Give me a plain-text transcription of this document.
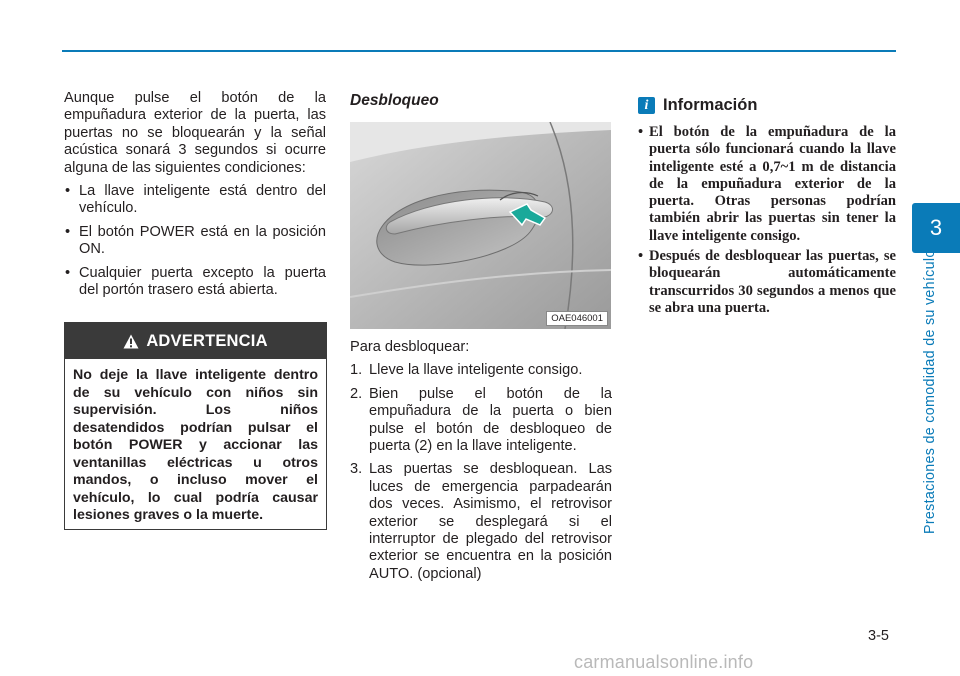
Aunque pulse el botón de la empuñadura exterior de la puerta, las puertas no se bloquearán y la señal acústica sonará 3 segundos si ocurre alguna de las siguientes condiciones:

• La llave inteligente está dentro del vehículo.
• El botón POWER está en la posición ON.
• Cualquier puerta excepto la puerta del portón trasero está abierta.
ADVERTENCIA

No deje la llave inteligente dentro de su vehículo con niños sin supervisión. Los niños desatendidos podrían pulsar el botón POWER y accionar las ventanillas eléctricas u otros mandos, o incluso mover el vehículo, lo cual podría causar lesiones graves o la muerte.

Desbloqueo
OAE046001

Para desbloquear:

1. Lleve la llave inteligente consigo.
2. Bien pulse el botón de la empuñadura de la puerta o bien pulse el botón de desbloqueo de puerta (2) en la llave inteligente.
3. Las puertas se desbloquean. Las luces de emergencia parpadearán dos veces. Asimismo, el retrovisor exterior se desplegará si el interruptor de plegado del retrovisor exterior se encuentra en la posición AUTO. (opcional)
i Información
• El botón de la empuñadura de la puerta sólo funcionará cuando la llave inteligente esté a 0,7~1 m de distancia de la empuñadura exterior de la puerta. Otras personas podrían también abrir las puertas sin tener la llave inteligente consigo.
• Después de desbloquear las puertas, se bloquearán automáticamente transcurridos 30 segundos a menos que se abra una puerta.
3
Prestaciones de comodidad de su vehículo
3-5
carmanualsonline.info
